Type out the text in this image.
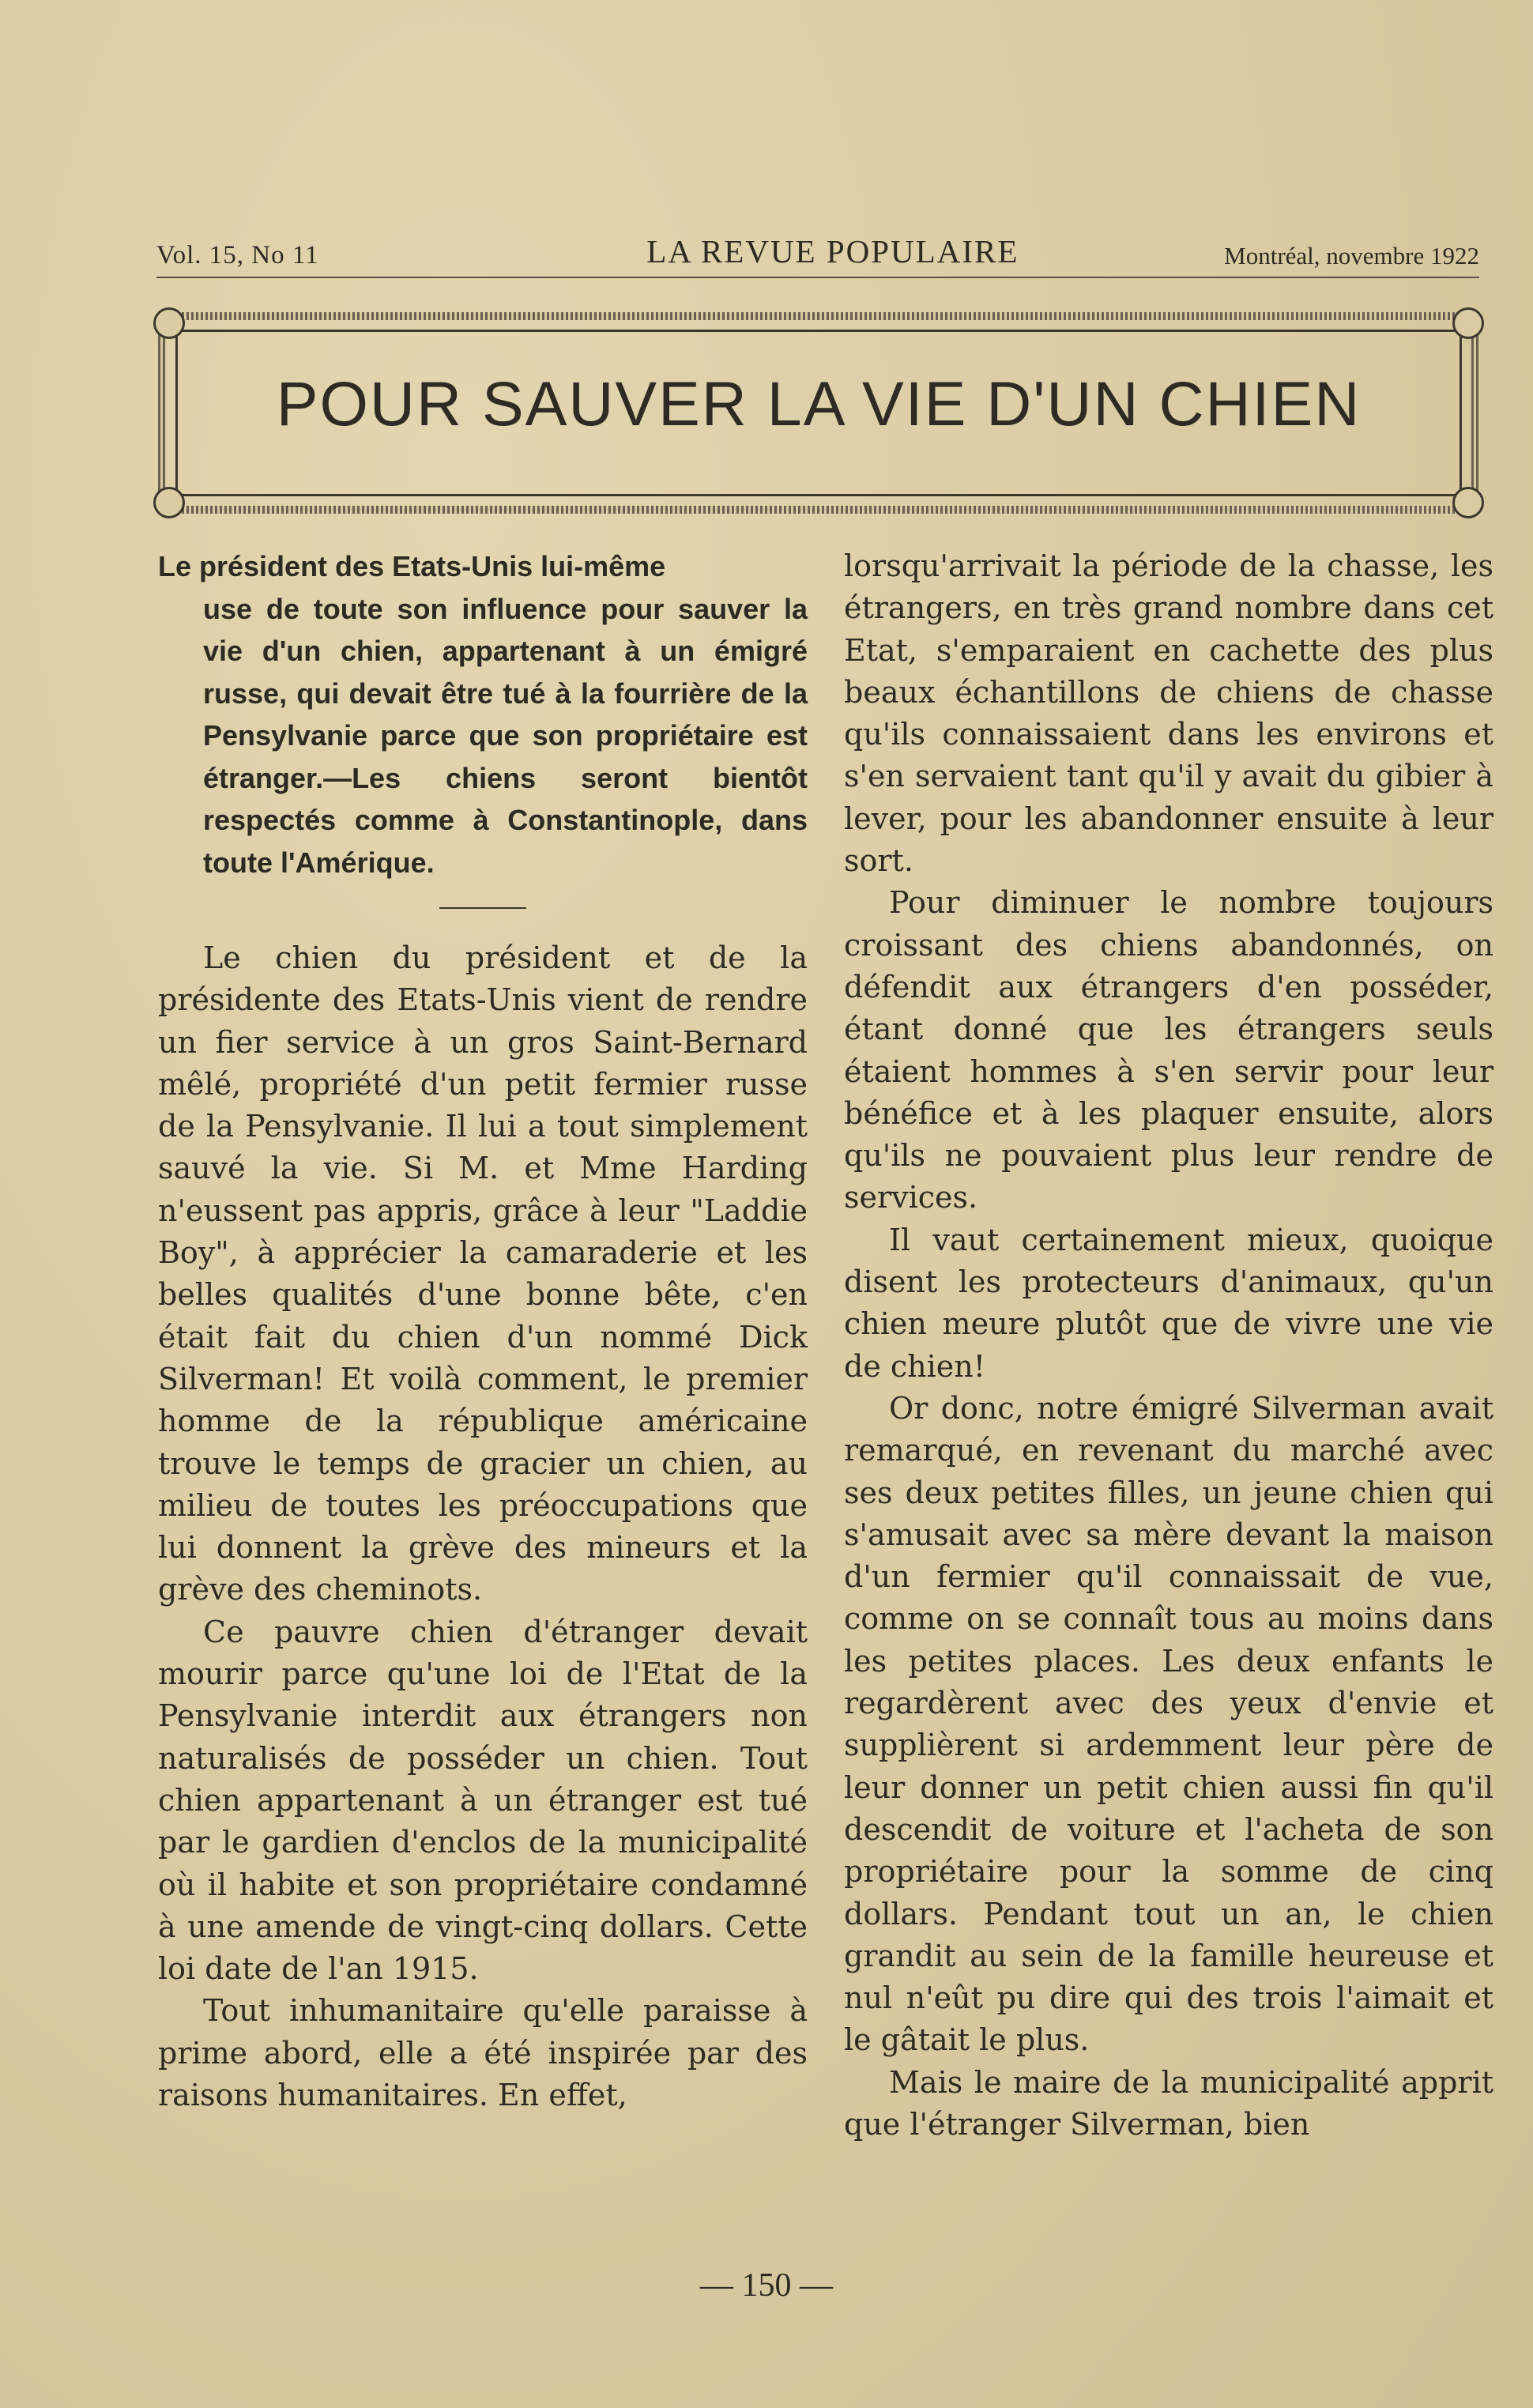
Vol. 15, No 11	LA REVUE POPULAIRE	Montréal, novembre 1922
POUR SAUVER LA VIE D'UN CHIEN

Le président des Etats-Unis lui-même
use de toute son influence pour sauver la vie d'un chien, appartenant à un émigré russe, qui devait être tué à la fourrière de la Pensylvanie parce que son propriétaire est étranger.—Les chiens seront bientôt respectés comme à Constantinople, dans toute l'Amérique.

Le chien du président et de la présidente des Etats-Unis vient de rendre un fier service à un gros Saint-Bernard mêlé, propriété d'un petit fermier russe de la Pensylvanie. Il lui a tout simplement sauvé la vie. Si M. et Mme Harding n'eussent pas appris, grâce à leur "Laddie Boy", à apprécier la camaraderie et les belles qualités d'une bonne bête, c'en était fait du chien d'un nommé Dick Silverman! Et voilà comment, le premier homme de la république américaine trouve le temps de gracier un chien, au milieu de toutes les préoccupations que lui donnent la grève des mineurs et la grève des cheminots.

Ce pauvre chien d'étranger devait mourir parce qu'une loi de l'Etat de la Pensylvanie interdit aux étrangers non naturalisés de posséder un chien. Tout chien appartenant à un étranger est tué par le gardien d'enclos de la municipalité où il habite et son propriétaire condamné à une amende de vingt-cinq dollars. Cette loi date de l'an 1915.

Tout inhumanitaire qu'elle paraisse à prime abord, elle a été inspirée par des raisons humanitaires. En effet,

lorsqu'arrivait la période de la chasse, les étrangers, en très grand nombre dans cet Etat, s'emparaient en cachette des plus beaux échantillons de chiens de chasse qu'ils connaissaient dans les environs et s'en servaient tant qu'il y avait du gibier à lever, pour les abandonner ensuite à leur sort.

Pour diminuer le nombre toujours croissant des chiens abandonnés, on défendit aux étrangers d'en posséder, étant donné que les étrangers seuls étaient hommes à s'en servir pour leur bénéfice et à les plaquer ensuite, alors qu'ils ne pouvaient plus leur rendre de services.

Il vaut certainement mieux, quoique disent les protecteurs d'animaux, qu'un chien meure plutôt que de vivre une vie de chien!

Or donc, notre émigré Silverman avait remarqué, en revenant du marché avec ses deux petites filles, un jeune chien qui s'amusait avec sa mère devant la maison d'un fermier qu'il connaissait de vue, comme on se connaît tous au moins dans les petites places. Les deux enfants le regardèrent avec des yeux d'envie et supplièrent si ardemment leur père de leur donner un petit chien aussi fin qu'il descendit de voiture et l'acheta de son propriétaire pour la somme de cinq dollars. Pendant tout un an, le chien grandit au sein de la famille heureuse et nul n'eût pu dire qui des trois l'aimait et le gâtait le plus.

Mais le maire de la municipalité apprit que l'étranger Silverman, bien

— 150 —
